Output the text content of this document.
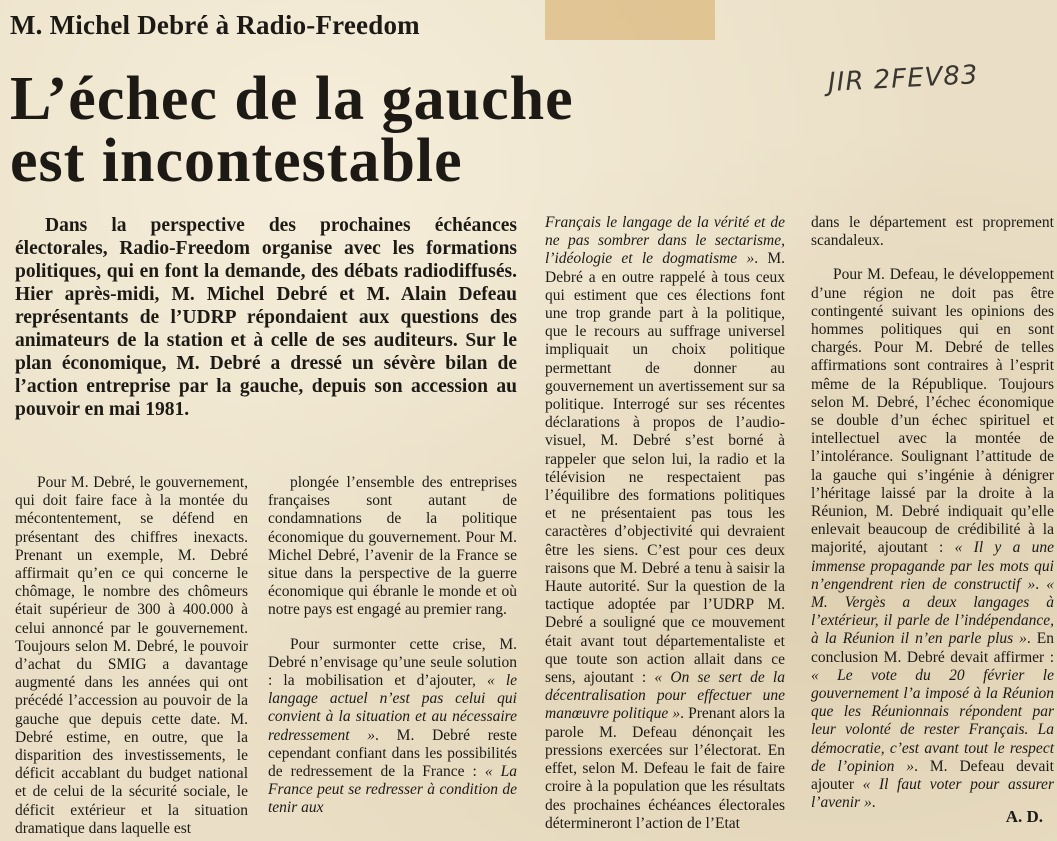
M. Michel Debré à Radio-Freedom
L’échec de la gauche
est incontestable
JIR 2FEV83
Dans la perspective des prochaines échéances électorales, Radio-Freedom organise avec les formations politiques, qui en font la demande, des débats radiodiffusés. Hier après-midi, M. Michel Debré et M. Alain Defeau représentants de l’UDRP répondaient aux questions des animateurs de la station et à celle de ses auditeurs. Sur le plan économique, M. Debré a dressé un sévère bilan de l’action entreprise par la gauche, depuis son accession au pouvoir en mai 1981.

Pour M. Debré, le gouvernement, qui doit faire face à la montée du mécontentement, se défend en présentant des chiffres inexacts. Prenant un exemple, M. Debré affirmait qu’en ce qui concerne le chômage, le nombre des chômeurs était supérieur de 300 à 400.000 à celui annoncé par le gouvernement. Toujours selon M. Debré, le pouvoir d’achat du SMIG a davantage augmenté dans les années qui ont précédé l’accession au pouvoir de la gauche que depuis cette date. M. Debré estime, en outre, que la disparition des investissements, le déficit accablant du budget national et de celui de la sécurité sociale, le déficit extérieur et la situation dramatique dans laquelle est

plongée l’ensemble des entreprises françaises sont autant de condamnations de la politique économique du gouvernement. Pour M. Michel Debré, l’avenir de la France se situe dans la perspective de la guerre économique qui ébranle le monde et où notre pays est engagé au premier rang.

Pour surmonter cette crise, M. Debré n’envisage qu’une seule solution : la mobilisation et d’ajouter, « le langage actuel n’est pas celui qui convient à la situation et au nécessaire redressement ». M. Debré reste cependant confiant dans les possibilités de redressement de la France : « La France peut se redresser à condition de tenir aux

Français le langage de la vérité et de ne pas sombrer dans le sectarisme, l’idéologie et le dogmatisme ». M. Debré a en outre rappelé à tous ceux qui estiment que ces élections font une trop grande part à la politique, que le recours au suffrage universel impliquait un choix politique permettant de donner au gouvernement un avertissement sur sa politique. Interrogé sur ses récentes déclarations à propos de l’audio-visuel, M. Debré s’est borné à rappeler que selon lui, la radio et la télévision ne respectaient pas l’équilibre des formations politiques et ne présentaient pas tous les caractères d’objectivité qui devraient être les siens. C’est pour ces deux raisons que M. Debré a tenu à saisir la Haute autorité. Sur la question de la tactique adoptée par l’UDRP M. Debré a souligné que ce mouvement était avant tout départementaliste et que toute son action allait dans ce sens, ajoutant : « On se sert de la décentralisation pour effectuer une manœuvre politique ». Prenant alors la parole M. Defeau dénonçait les pressions exercées sur l’électorat. En effet, selon M. Defeau le fait de faire croire à la population que les résultats des prochaines échéances électorales détermineront l’action de l’Etat

dans le département est proprement scandaleux.

Pour M. Defeau, le développement d’une région ne doit pas être contingenté suivant les opinions des hommes politiques qui en sont chargés. Pour M. Debré de telles affirmations sont contraires à l’esprit même de la République. Toujours selon M. Debré, l’échec économique se double d’un échec spirituel et intellectuel avec la montée de l’intolérance. Soulignant l’attitude de la gauche qui s’ingénie à dénigrer l’héritage laissé par la droite à la Réunion, M. Debré indiquait qu’elle enlevait beaucoup de crédibilité à la majorité, ajoutant : « Il y a une immense propagande par les mots qui n’engendrent rien de constructif ». « M. Vergès a deux langages à l’extérieur, il parle de l’indépendance, à la Réunion il n’en parle plus ». En conclusion M. Debré devait affirmer : « Le vote du 20 février le gouvernement l’a imposé à la Réunion que les Réunionnais répondent par leur volonté de rester Français. La démocratie, c’est avant tout le respect de l’opinion ». M. Defeau devait ajouter « Il faut voter pour assurer l’avenir ».

A. D.
